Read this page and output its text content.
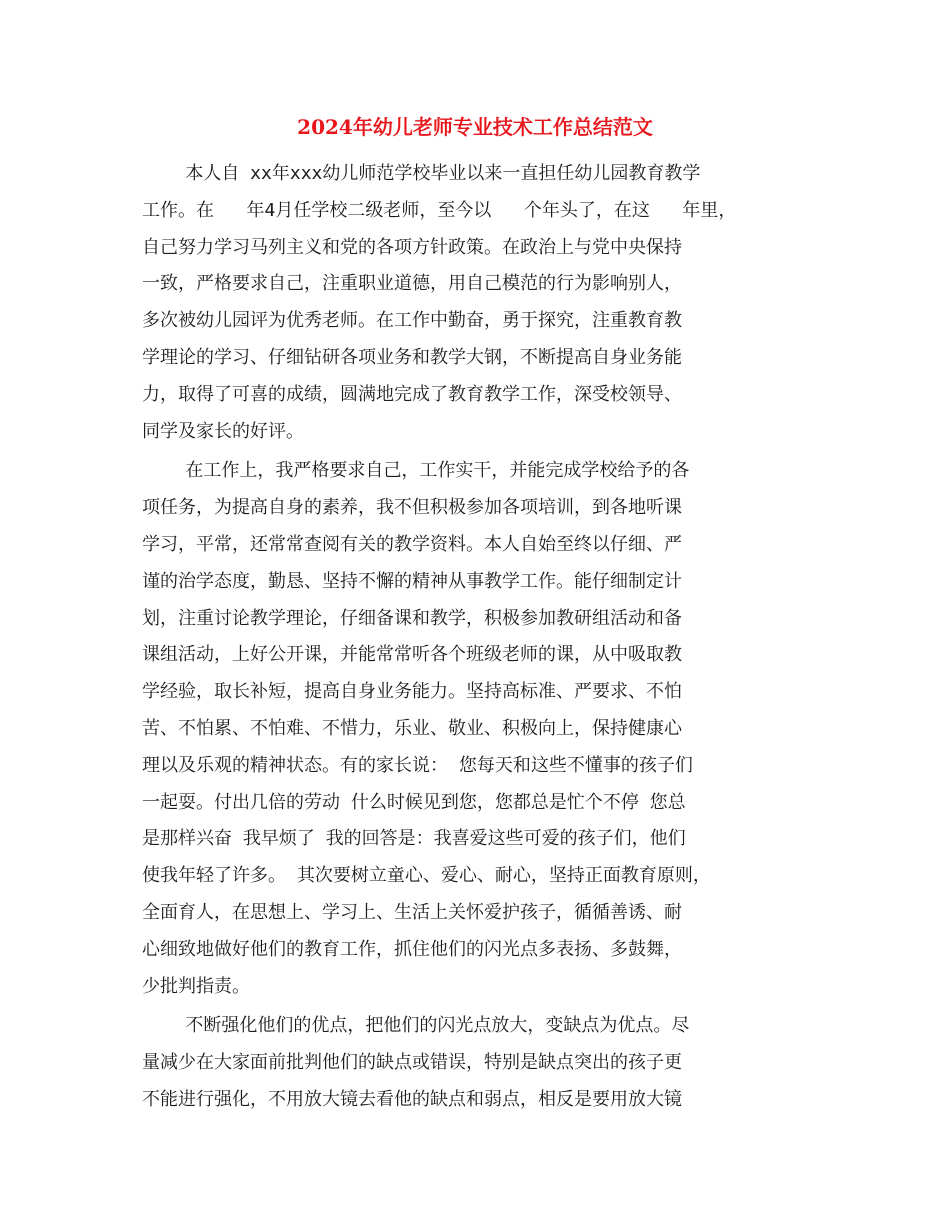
2024年幼儿老师专业技术工作总结范文
本人自 xx年xxx幼儿师范学校毕业以来一直担任幼儿园教育教学
工作。在   年4月任学校二级老师，至今以   个年头了，在这   年里，
自己努力学习马列主义和党的各项方针政策。在政治上与党中央保持
一致，严格要求自己，注重职业道德，用自己模范的行为影响别人，
多次被幼儿园评为优秀老师。在工作中勤奋，勇于探究，注重教育教
学理论的学习、仔细钻研各项业务和教学大钢，不断提高自身业务能
力，取得了可喜的成绩，圆满地完成了教育教学工作，深受校领导、
同学及家长的好评。
在工作上，我严格要求自己，工作实干，并能完成学校给予的各
项任务，为提高自身的素养，我不但积极参加各项培训，到各地听课
学习，平常，还常常查阅有关的教学资料。本人自始至终以仔细、严
谨的治学态度，勤恳、坚持不懈的精神从事教学工作。能仔细制定计
划，注重讨论教学理论，仔细备课和教学，积极参加教研组活动和备
课组活动，上好公开课，并能常常听各个班级老师的课，从中吸取教
学经验，取长补短，提高自身业务能力。坚持高标准、严要求、不怕
苦、不怕累、不怕难、不惜力，乐业、敬业、积极向上，保持健康心
理以及乐观的精神状态。有的家长说： 您每天和这些不懂事的孩子们
一起耍。付出几倍的劳动 什么时候见到您，您都总是忙个不停 您总
是那样兴奋 我早烦了 我的回答是：我喜爱这些可爱的孩子们，他们
使我年轻了许多。 其次要树立童心、爱心、耐心，坚持正面教育原则，
全面育人，在思想上、学习上、生活上关怀爱护孩子，循循善诱、耐
心细致地做好他们的教育工作，抓住他们的闪光点多表扬、多鼓舞，
少批判指责。
不断强化他们的优点，把他们的闪光点放大，变缺点为优点。尽
量减少在大家面前批判他们的缺点或错误，特别是缺点突出的孩子更
不能进行强化，不用放大镜去看他的缺点和弱点，相反是要用放大镜
